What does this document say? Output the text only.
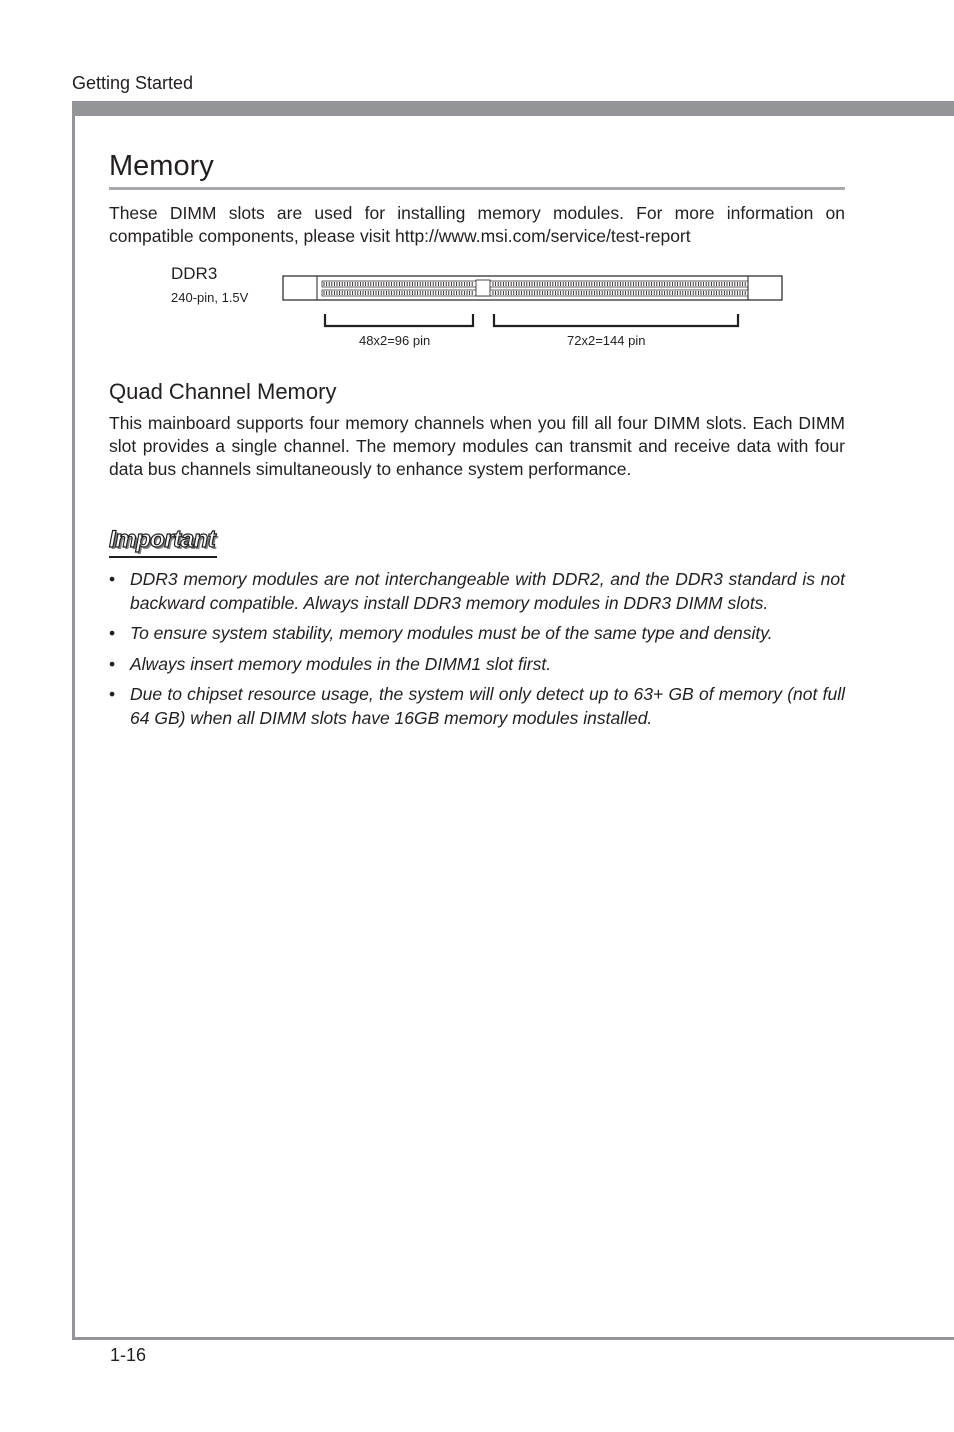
Getting Started
Memory

These DIMM slots are used for installing memory modules. For more information on compatible components, please visit http://www.msi.com/service/test-report

DDR3
240-pin, 1.5V
48x2=96 pin	72x2=144 pin
Quad Channel Memory

This mainboard supports four memory channels when you fill all four DIMM slots. Each DIMM slot provides a single channel. The memory modules can transmit and receive data with four data bus channels simultaneously to enhance system performance.

Important
• DDR3 memory modules are not interchangeable with DDR2, and the DDR3 standard is not backward compatible. Always install DDR3 memory modules in DDR3 DIMM slots.
• To ensure system stability, memory modules must be of the same type and density.
• Always insert memory modules in the DIMM1 slot first.
• Due to chipset resource usage, the system will only detect up to 63+ GB of memory (not full 64 GB) when all DIMM slots have 16GB memory modules installed.
1-16
